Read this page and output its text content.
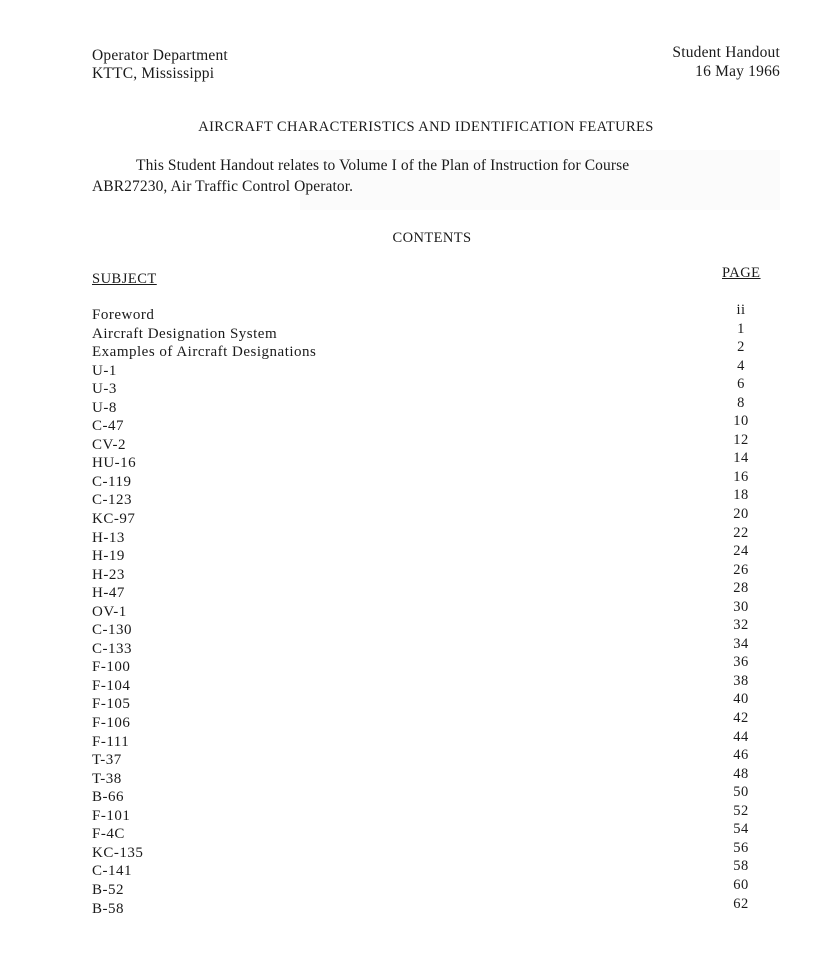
Operator Department
KTTC, Mississippi
Student Handout
16 May 1966
AIRCRAFT CHARACTERISTICS AND IDENTIFICATION FEATURES
This Student Handout relates to Volume I of the Plan of Instruction for Course
ABR27230, Air Traffic Control Operator.
CONTENTS
SUBJECT	PAGE
Foreword
Aircraft Designation System
Examples of Aircraft Designations
U-1
U-3
U-8
C-47
CV-2
HU-16
C-119
C-123
KC-97
H-13
H-19
H-23
H-47
OV-1
C-130
C-133
F-100
F-104
F-105
F-106
F-111
T-37
T-38
B-66
F-101
F-4C
KC-135
C-141
B-52
B-58
ii
1
2
4
6
8
10
12
14
16
18
20
22
24
26
28
30
32
34
36
38
40
42
44
46
48
50
52
54
56
58
60
62
